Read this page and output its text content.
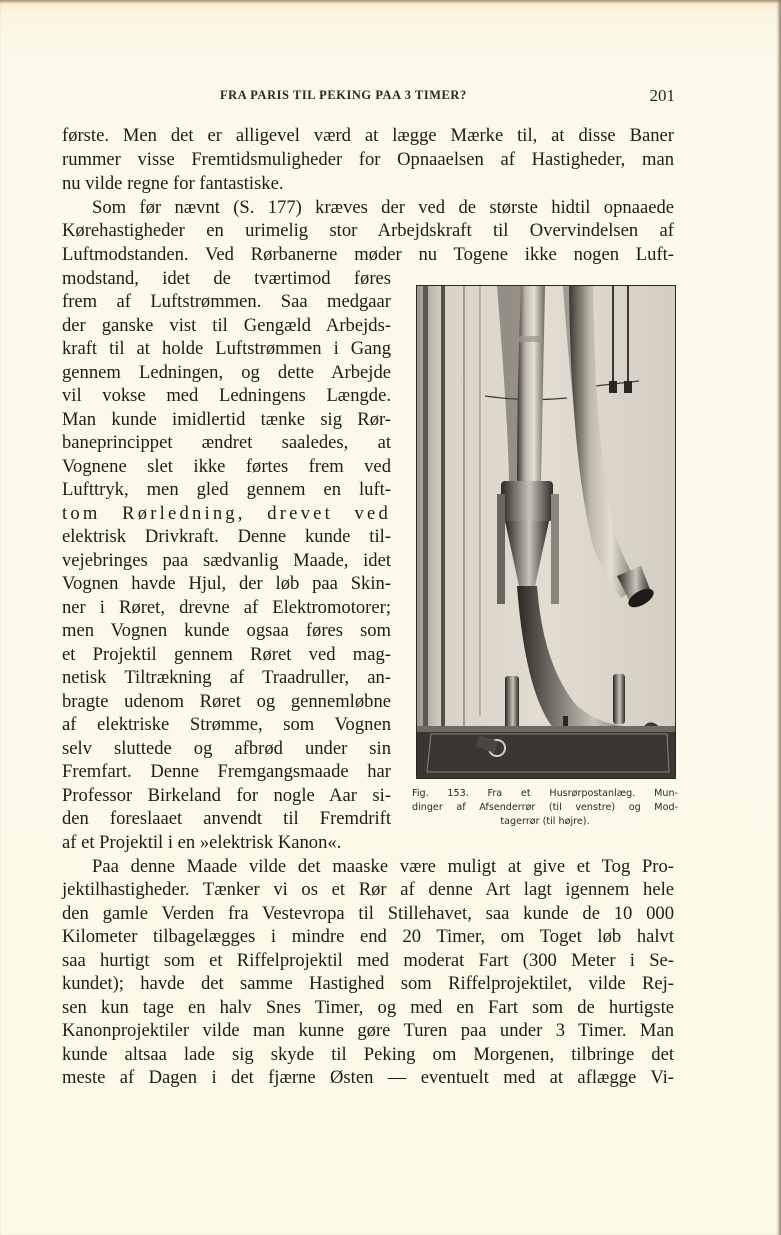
FRA PARIS TIL PEKING PAA 3 TIMER?	201
første. Men det er alligevel værd at lægge Mærke til, at disse Baner
rummer visse Fremtidsmuligheder for Opnaaelsen af Hastigheder, man
nu vilde regne for fantastiske.
Som før nævnt (S. 177) kræves der ved de største hidtil opnaaede
Kørehastigheder en urimelig stor Arbejdskraft til Overvindelsen af
Luftmodstanden. Ved Rørbanerne møder nu Togene ikke nogen Luft-
modstand, idet de tværtimod føres
frem af Luftstrømmen. Saa medgaar
der ganske vist til Gengæld Arbejds-
kraft til at holde Luftstrømmen i Gang
gennem Ledningen, og dette Arbejde
vil vokse med Ledningens Længde.
Man kunde imidlertid tænke sig Rør-
baneprincippet ændret saaledes, at
Vognene slet ikke førtes frem ved
Lufttryk, men gled gennem en luft-
tom Rørledning, drevet ved
elektrisk Drivkraft. Denne kunde til-
vejebringes paa sædvanlig Maade, idet
Vognen havde Hjul, der løb paa Skin-
ner i Røret, drevne af Elektromotorer;
men Vognen kunde ogsaa føres som
et Projektil gennem Røret ved mag-
netisk Tiltrækning af Traadruller, an-
bragte udenom Røret og gennemløbne
af elektriske Strømme, som Vognen
selv sluttede og afbrød under sin
Fremfart. Denne Fremgangsmaade har
Professor Birkeland for nogle Aar si-
den foreslaaet anvendt til Fremdrift
af et Projektil i en »elektrisk Kanon«.
Fig. 153. Fra et Husrørpostanlæg. Mun-
dinger af Afsenderrør (til venstre) og Mod-
tagerrør (til højre).
Paa denne Maade vilde det maaske være muligt at give et Tog Pro-
jektilhastigheder. Tænker vi os et Rør af denne Art lagt igennem hele
den gamle Verden fra Vestevropa til Stillehavet, saa kunde de 10 000
Kilometer tilbagelægges i mindre end 20 Timer, om Toget løb halvt
saa hurtigt som et Riffelprojektil med moderat Fart (300 Meter i Se-
kundet); havde det samme Hastighed som Riffelprojektilet, vilde Rej-
sen kun tage en halv Snes Timer, og med en Fart som de hurtigste
Kanonprojektiler vilde man kunne gøre Turen paa under 3 Timer. Man
kunde altsaa lade sig skyde til Peking om Morgenen, tilbringe det
meste af Dagen i det fjærne Østen — eventuelt med at aflægge Vi-
